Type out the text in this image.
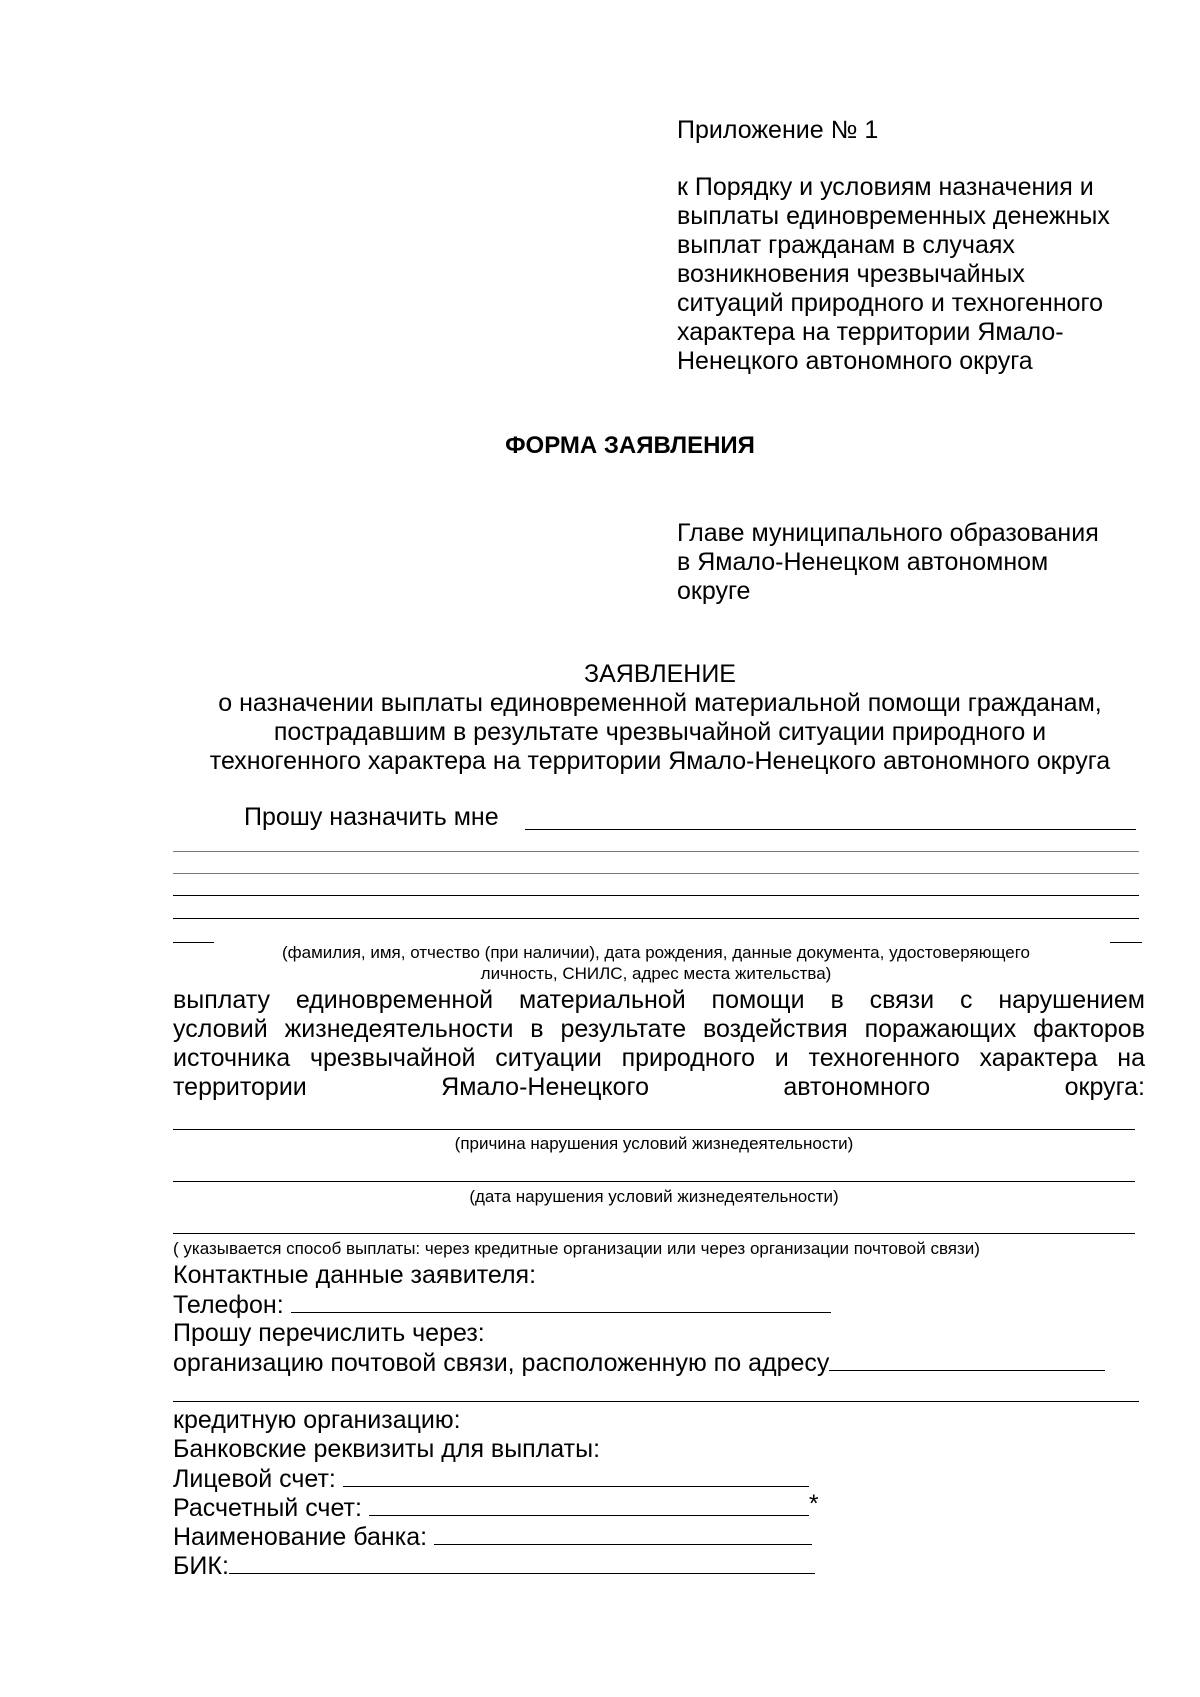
Приложение № 1
к Порядку и условиям назначения и
выплаты единовременных денежных
выплат гражданам в случаях
возникновения чрезвычайных
ситуаций природного и техногенного
характера на территории Ямало-
Ненецкого автономного округа
ФОРМА ЗАЯВЛЕНИЯ
Главе муниципального образования
в Ямало-Ненецком автономном
округе
ЗАЯВЛЕНИЕ
о назначении выплаты единовременной материальной помощи гражданам,
пострадавшим в результате чрезвычайной ситуации природного и
техногенного характера на территории Ямало-Ненецкого автономного округа
Прошу назначить мне
(фамилия, имя, отчество (при наличии), дата рождения, данные документа, удостоверяющего
личность, СНИЛС, адрес места жительства)
выплату единовременной материальной помощи в связи с нарушением
условий жизнедеятельности в результате воздействия поражающих факторов
источника чрезвычайной ситуации природного и техногенного характера на
территории Ямало-Ненецкого автономного округа:
(причина нарушения условий жизнедеятельности)
(дата нарушения условий жизнедеятельности)
( указывается способ выплаты: через кредитные организации или через организации почтовой связи)
Контактные данные заявителя:
Телефон:
Прошу перечислить через:
организацию почтовой связи, расположенную по адресу
кредитную организацию:
Банковские реквизиты для выплаты:
Лицевой счет:
Расчетный счет:	*
Наименование банка:
БИК:
